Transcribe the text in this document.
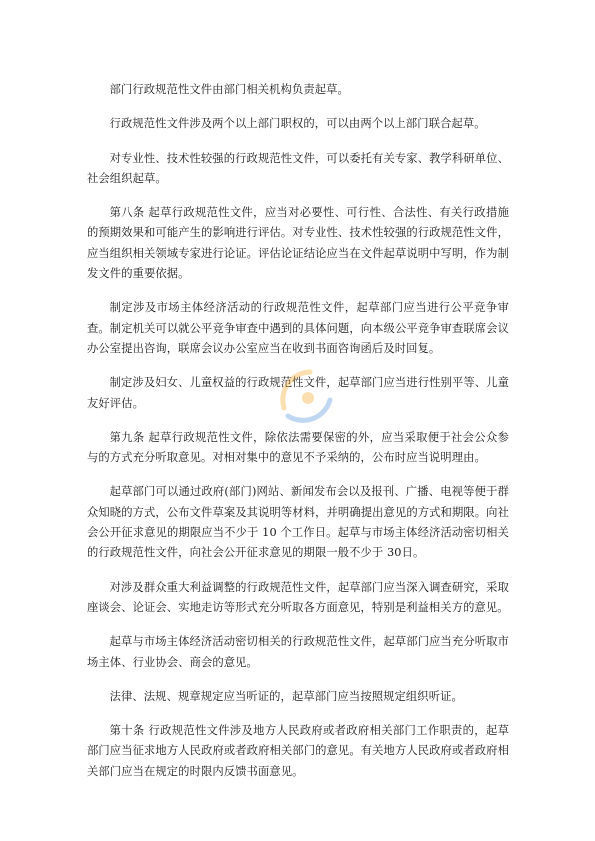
部门行政规范性文件由部门相关机构负责起草。

行政规范性文件涉及两个以上部门职权的，可以由两个以上部门联合起草。

对专业性、技术性较强的行政规范性文件，可以委托有关专家、教学科研单位、社会组织起草。

第八条 起草行政规范性文件，应当对必要性、可行性、合法性、有关行政措施的预期效果和可能产生的影响进行评估。对专业性、技术性较强的行政规范性文件，应当组织相关领域专家进行论证。评估论证结论应当在文件起草说明中写明，作为制发文件的重要依据。

制定涉及市场主体经济活动的行政规范性文件，起草部门应当进行公平竞争审查。制定机关可以就公平竞争审查中遇到的具体问题，向本级公平竞争审查联席会议办公室提出咨询，联席会议办公室应当在收到书面咨询函后及时回复。

制定涉及妇女、儿童权益的行政规范性文件，起草部门应当进行性别平等、儿童友好评估。

第九条 起草行政规范性文件，除依法需要保密的外，应当采取便于社会公众参与的方式充分听取意见。对相对集中的意见不予采纳的，公布时应当说明理由。

起草部门可以通过政府(部门)网站、新闻发布会以及报刊、广播、电视等便于群众知晓的方式，公布文件草案及其说明等材料，并明确提出意见的方式和期限。向社会公开征求意见的期限应当不少于 10 个工作日。起草与市场主体经济活动密切相关的行政规范性文件，向社会公开征求意见的期限一般不少于 30日。

对涉及群众重大利益调整的行政规范性文件，起草部门应当深入调查研究，采取座谈会、论证会、实地走访等形式充分听取各方面意见，特别是利益相关方的意见。

起草与市场主体经济活动密切相关的行政规范性文件，起草部门应当充分听取市场主体、行业协会、商会的意见。

法律、法规、规章规定应当听证的，起草部门应当按照规定组织听证。

第十条 行政规范性文件涉及地方人民政府或者政府相关部门工作职责的，起草部门应当征求地方人民政府或者政府相关部门的意见。有关地方人民政府或者政府相关部门应当在规定的时限内反馈书面意见。
